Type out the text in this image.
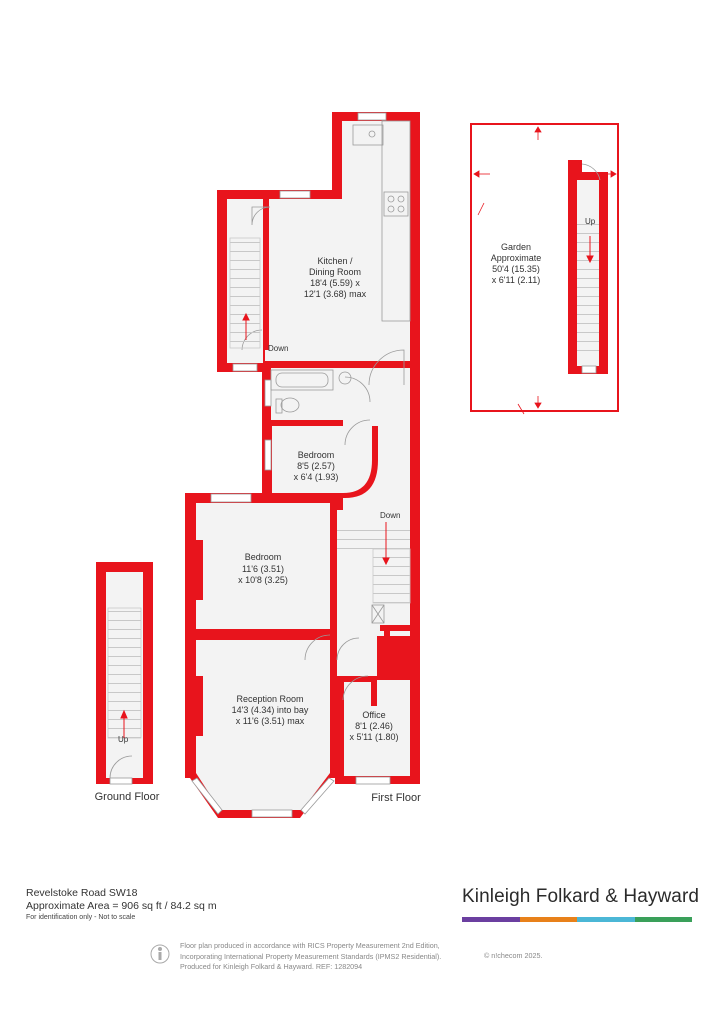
Kitchen /
Dining Room
18'4 (5.59) x
12'1 (3.68) max
Bedroom
8'5 (2.57)
x 6'4 (1.93)
Bedroom
11'6 (3.51)
x 10'8 (3.25)
Reception Room
14'3 (4.34) into bay
x 11'6 (3.51) max
Office
8'1 (2.46)
x 5'11 (1.80)
Garden
Approximate
50'4 (15.35)
x 6'11 (2.11)
Down
Down
Up
Up
Ground Floor	First Floor
Revelstoke Road SW18
Approximate Area = 906 sq ft / 84.2 sq m
For identification only - Not to scale
Kinleigh Folkard & Hayward
Floor plan produced in accordance with RICS Property Measurement 2nd Edition,
Incorporating International Property Measurement Standards (IPMS2 Residential).
Produced for Kinleigh Folkard & Hayward. REF: 1282094
© n!checom 2025.
